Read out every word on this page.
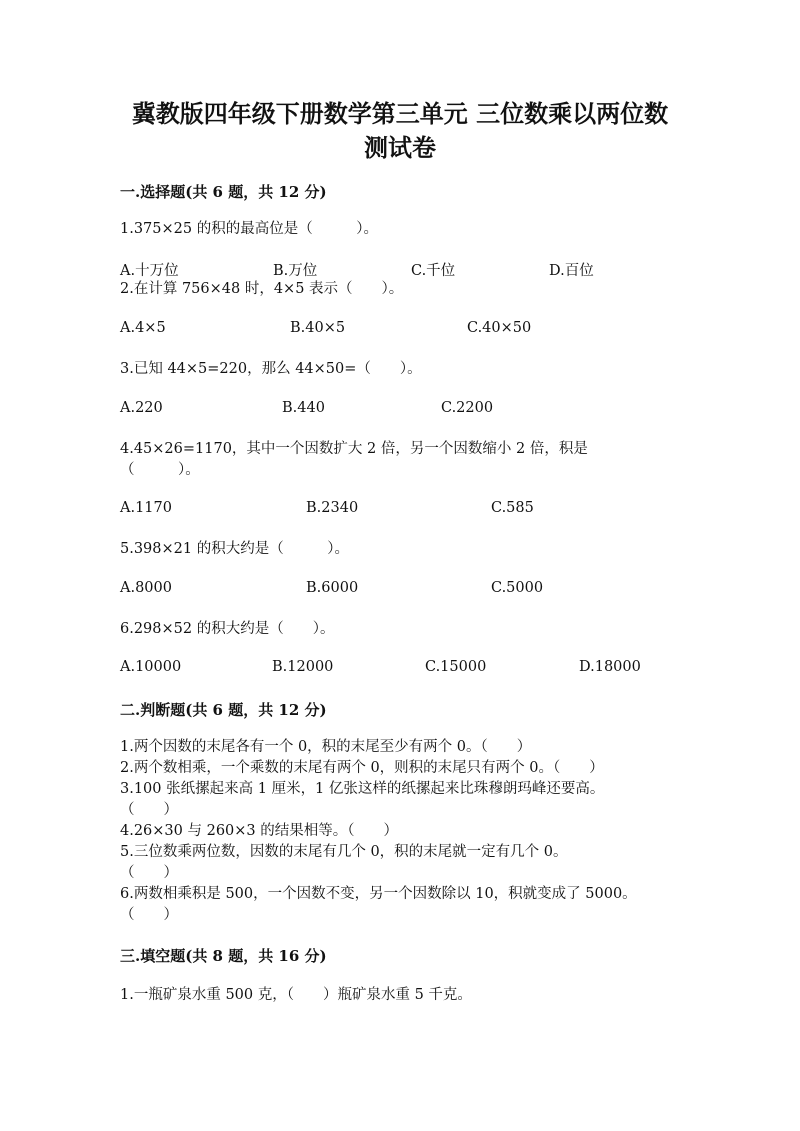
冀教版四年级下册数学第三单元 三位数乘以两位数
测试卷
一.选择题(共 6 题，共 12 分)
1.375×25 的积的最高位是（　　　）。
A.十万位	B.万位	C.千位	D.百位
2.在计算 756×48 时，4×5 表示（　　）。
A.4×5	B.40×5	C.40×50
3.已知 44×5=220，那么 44×50=（　　）。
A.220	B.440	C.2200
4.45×26=1170，其中一个因数扩大 2 倍，另一个因数缩小 2 倍，积是
（　　　）。
A.1170	B.2340	C.585
5.398×21 的积大约是（　　　）。
A.8000	B.6000	C.5000
6.298×52 的积大约是（　　）。
A.10000	B.12000	C.15000	D.18000
二.判断题(共 6 题，共 12 分)
1.两个因数的末尾各有一个 0，积的末尾至少有两个 0。（　　）
2.两个数相乘，一个乘数的末尾有两个 0，则积的末尾只有两个 0。（　　）
3.100 张纸摞起来高 1 厘米，1 亿张这样的纸摞起来比珠穆朗玛峰还要高。
（　　）
4.26×30 与 260×3 的结果相等。（　　）
5.三位数乘两位数，因数的末尾有几个 0，积的末尾就一定有几个 0。
（　　）
6.两数相乘积是 500，一个因数不变，另一个因数除以 10，积就变成了 5000。
（　　）
三.填空题(共 8 题，共 16 分)
1.一瓶矿泉水重 500 克，（　　）瓶矿泉水重 5 千克。
